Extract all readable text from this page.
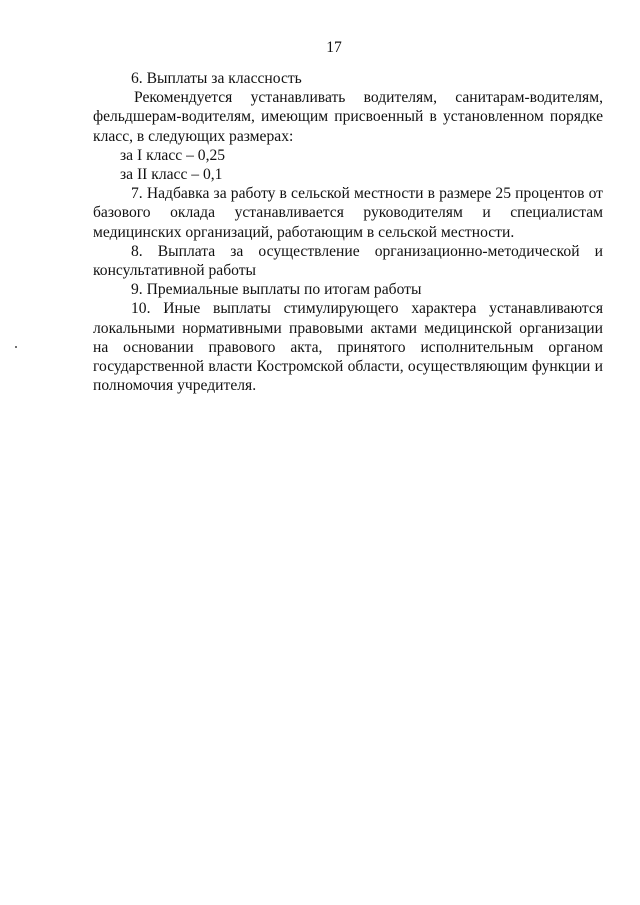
17

6. Выплаты за классность

Рекомендуется устанавливать водителям, санитарам-водителям, фельдшерам-водителям, имеющим присвоенный в установленном порядке класс, в следующих размерах:

за I класс – 0,25

за II класс – 0,1

7. Надбавка за работу в сельской местности в размере 25 процентов от базового оклада устанавливается руководителям и специалистам медицинских организаций, работающим в сельской местности.

8. Выплата за осуществление организационно-методической и консультативной работы

9. Премиальные выплаты по итогам работы

10. Иные выплаты стимулирующего характера устанавливаются локальными нормативными правовыми актами медицинской организации на основании правового акта, принятого исполнительным органом государственной власти Костромской области, осуществляющим функции и полномочия учредителя.
